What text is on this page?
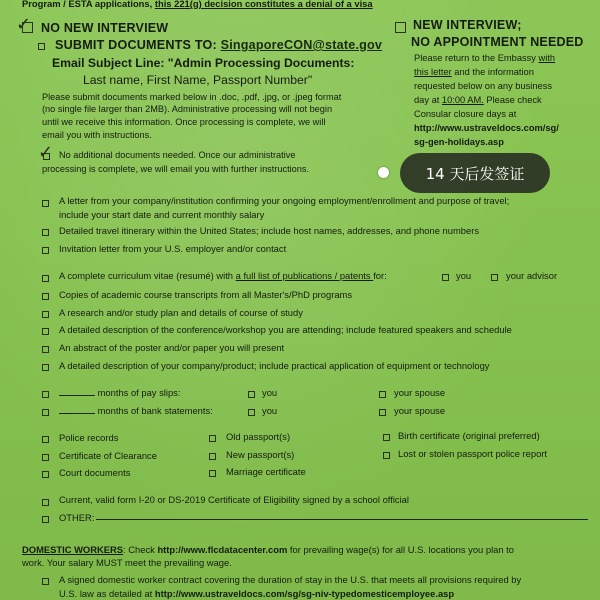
Program / ESTA applications, this 221(g) decision constitutes a denial of a visa
✓ NO NEW INTERVIEW
SUBMIT DOCUMENTS TO: SingaporeCON@state.gov
Email Subject Line: "Admin Processing Documents:
Last name, First Name, Passport Number"
Please submit documents marked below in .doc, .pdf, .jpg, or .jpeg format
(no single file larger than 2MB). Administrative processing will not begin
until we receive this information. Once processing is complete, we will
email you with instructions.
✓ No additional documents needed. Once our administrative
processing is complete, we will email you with further instructions.
NEW INTERVIEW;
NO APPOINTMENT NEEDED
Please return to the Embassy with
this letter and the information
requested below on any business
day at 10:00 AM. Please check
Consular closure days at
http://www.ustraveldocs.com/sg/
sg-gen-holidays.asp
A letter from your company/institution confirming your ongoing employment/enrollment and purpose of travel;
include your start date and current monthly salary
Detailed travel itinerary within the United States; include host names, addresses, and phone numbers
Invitation letter from your U.S. employer and/or contact
A complete curriculum vitae (resumé) with a full list of publications / patents for:	you	your advisor
Copies of academic course transcripts from all Master's/PhD programs
A research and/or study plan and details of course of study
A detailed description of the conference/workshop you are attending; include featured speakers and schedule
An abstract of the poster and/or paper you will present
A detailed description of your company/product; include practical application of equipment or technology
months of pay slips:	you	your spouse
months of bank statements:	you	your spouse
Police records	Old passport(s)	Birth certificate (original preferred)
Certificate of Clearance	New passport(s)	Lost or stolen passport police report
Court documents	Marriage certificate
Current, valid form I-20 or DS-2019 Certificate of Eligibility signed by a school official
OTHER:
DOMESTIC WORKERS: Check http://www.flcdatacenter.com for prevailing wage(s) for all U.S. locations you plan to
work. Your salary MUST meet the prevailing wage.
A signed domestic worker contract covering the duration of stay in the U.S. that meets all provisions required by
U.S. law as detailed at http://www.ustraveldocs.com/sg/sg-niv-typedomesticemployee.asp
14 天后发签证
